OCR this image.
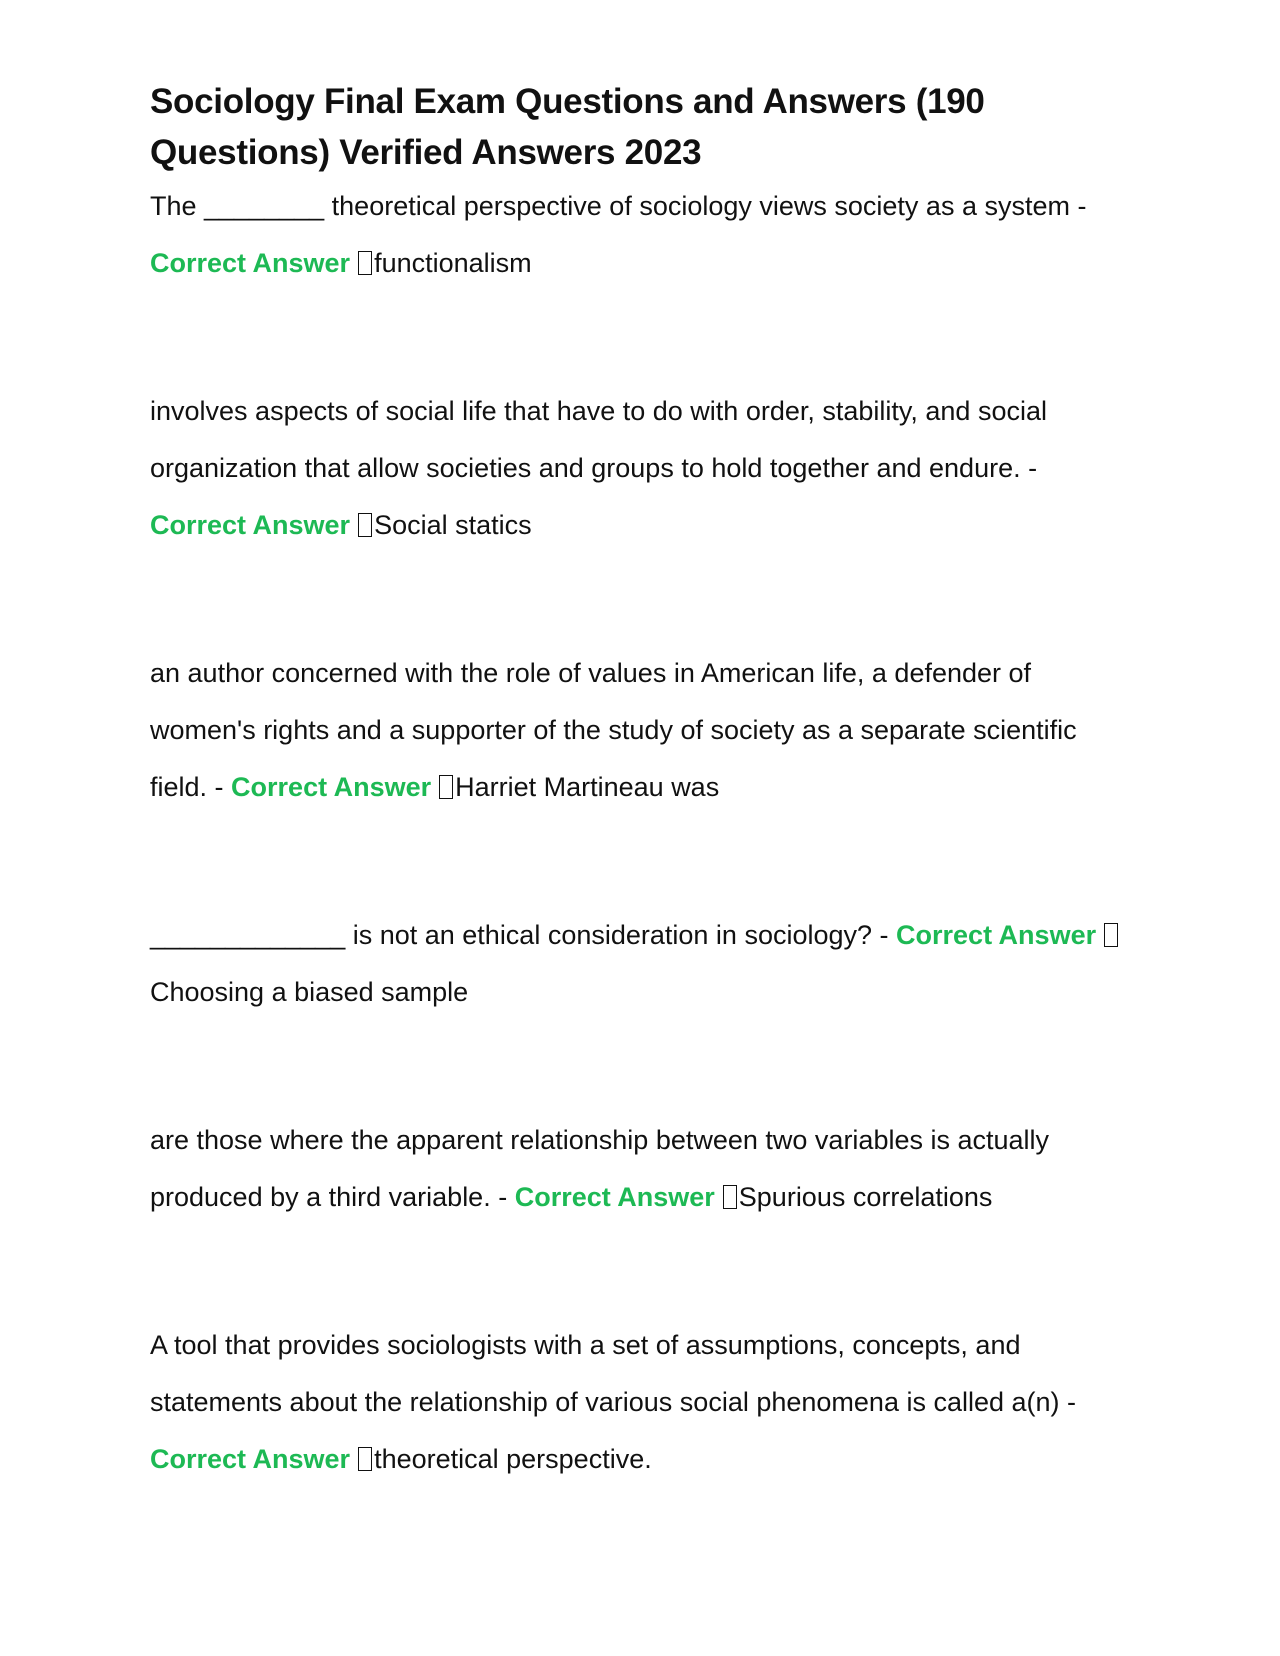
Sociology Final Exam Questions and Answers (190 Questions) Verified Answers 2023

The ________ theoretical perspective of sociology views society as a system - Correct Answer functionalism

involves aspects of social life that have to do with order, stability, and social organization that allow societies and groups to hold together and endure. - Correct Answer Social statics

an author concerned with the role of values in American life, a defender of women's rights and a supporter of the study of society as a separate scientific field. - Correct Answer Harriet Martineau was

_____________ is not an ethical consideration in sociology? - Correct AnswerChoosing a biased sample

are those where the apparent relationship between two variables is actually produced by a third variable. - Correct Answer Spurious correlations

A tool that provides sociologists with a set of assumptions, concepts, and statements about the relationship of various social phenomena is called a(n) - Correct Answer theoretical perspective.
